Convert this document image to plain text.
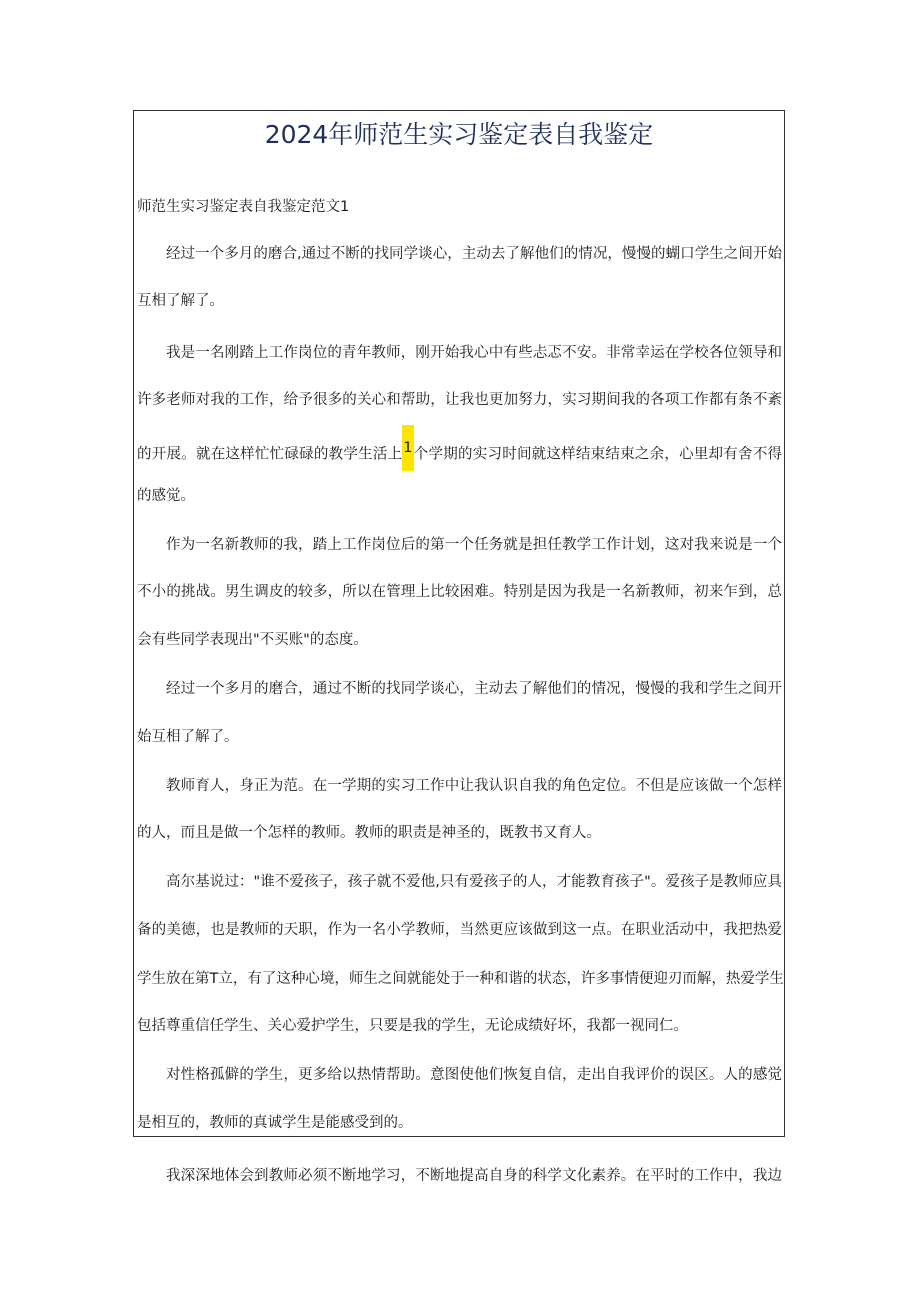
2024年师范生实习鉴定表自我鉴定
师范生实习鉴定表自我鉴定范文1
经过一个多月的磨合,通过不断的找同学谈心，主动去了解他们的情况，慢慢的蝴口学生之间开始
互相了解了。
我是一名刚踏上工作岗位的青年教师，刚开始我心中有些忐忑不安。非常幸运在学校各位领导和
许多老师对我的工作，给予很多的关心和帮助，让我也更加努力，实习期间我的各项工作都有条不紊
的开展。就在这样忙忙碌碌的教学生活上1个学期的实习时间就这样结束结束之余，心里却有舍不得
的感觉。
作为一名新教师的我，踏上工作岗位后的第一个任务就是担任教学工作计划，这对我来说是一个
不小的挑战。男生调皮的较多，所以在管理上比较困难。特别是因为我是一名新教师，初来乍到，总
会有些同学表现出"不买账"的态度。
经过一个多月的磨合，通过不断的找同学谈心，主动去了解他们的情况，慢慢的我和学生之间开
始互相了解了。
教师育人，身正为范。在一学期的实习工作中让我认识自我的角色定位。不但是应该做一个怎样
的人，而且是做一个怎样的教师。教师的职责是神圣的，既教书又育人。
高尔基说过："谁不爱孩子，孩子就不爱他,只有爱孩子的人，才能教育孩子"。爱孩子是教师应具
备的美德，也是教师的天职，作为一名小学教师，当然更应该做到这一点。在职业活动中，我把热爱
学生放在第T立，有了这种心境，师生之间就能处于一种和谐的状态，许多事情便迎刃而解，热爱学生
包括尊重信任学生、关心爱护学生，只要是我的学生，无论成绩好坏，我都一视同仁。
对性格孤僻的学生，更多给以热情帮助。意图使他们恢复自信，走出自我评价的误区。人的感觉
是相互的，教师的真诚学生是能感受到的。
我深深地体会到教师必须不断地学习，不断地提高自身的科学文化素养。在平时的工作中，我边
